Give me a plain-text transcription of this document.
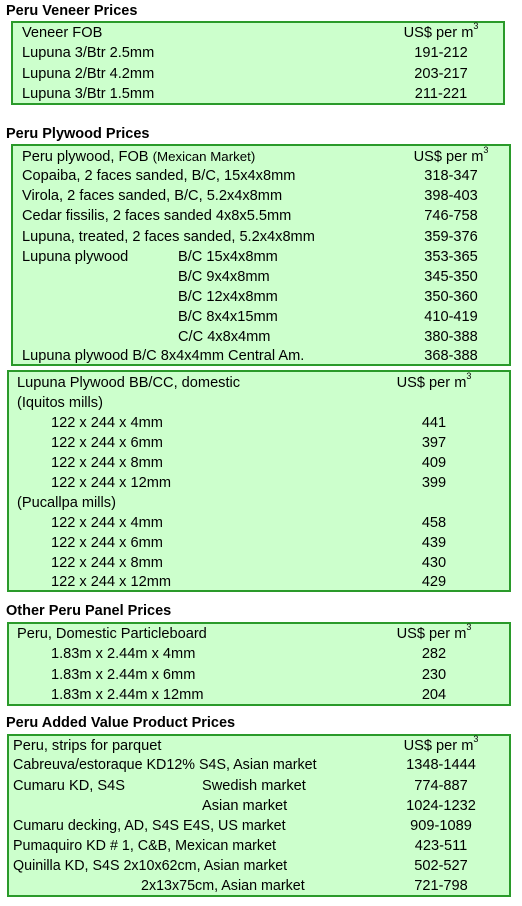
Peru Veneer Prices
Veneer FOB	US$ per $m^3$
Lupuna 3/Btr 2.5mm	191-212
Lupuna 2/Btr 4.2mm	203-217
Lupuna 3/Btr 1.5mm	211-221
Peru Plywood Prices
Peru plywood, FOB (Mexican Market)	US$ per $m^3$
Copaiba, 2 faces sanded, B/C, 15x4x8mm	318-347
Virola, 2 faces sanded, B/C, 5.2x4x8mm	398-403
Cedar fissilis, 2 faces sanded 4x8x5.5mm	746-758
Lupuna, treated, 2 faces sanded, 5.2x4x8mm	359-376
Lupuna plywood	B/C 15x4x8mm	353-365
B/C 9x4x8mm	345-350
B/C 12x4x8mm	350-360
B/C 8x4x15mm	410-419
C/C 4x8x4mm	380-388
Lupuna plywood B/C 8x4x4mm Central Am.	368-388
Lupuna Plywood BB/CC, domestic	US$ per $m^3$
(Iquitos mills)
122 x 244 x 4mm	441
122 x 244 x 6mm	397
122 x 244 x 8mm	409
122 x 244 x 12mm	399
(Pucallpa mills)
122 x 244 x 4mm	458
122 x 244 x 6mm	439
122 x 244 x 8mm	430
122 x 244 x 12mm	429
Other Peru Panel Prices
Peru, Domestic Particleboard	US$ per $m^3$
1.83m x 2.44m x 4mm	282
1.83m x 2.44m x 6mm	230
1.83m x 2.44m x 12mm	204
Peru Added Value Product Prices
Peru, strips for parquet	US$ per $m^3$
Cabreuva/estoraque KD12% S4S, Asian market	1348-1444
Cumaru KD, S4S	Swedish market	774-887
Asian market	1024-1232
Cumaru decking, AD, S4S E4S, US market	909-1089
Pumaquiro KD # 1, C&B, Mexican market	423-511
Quinilla KD, S4S 2x10x62cm, Asian market	502-527
2x13x75cm, Asian market	721-798
